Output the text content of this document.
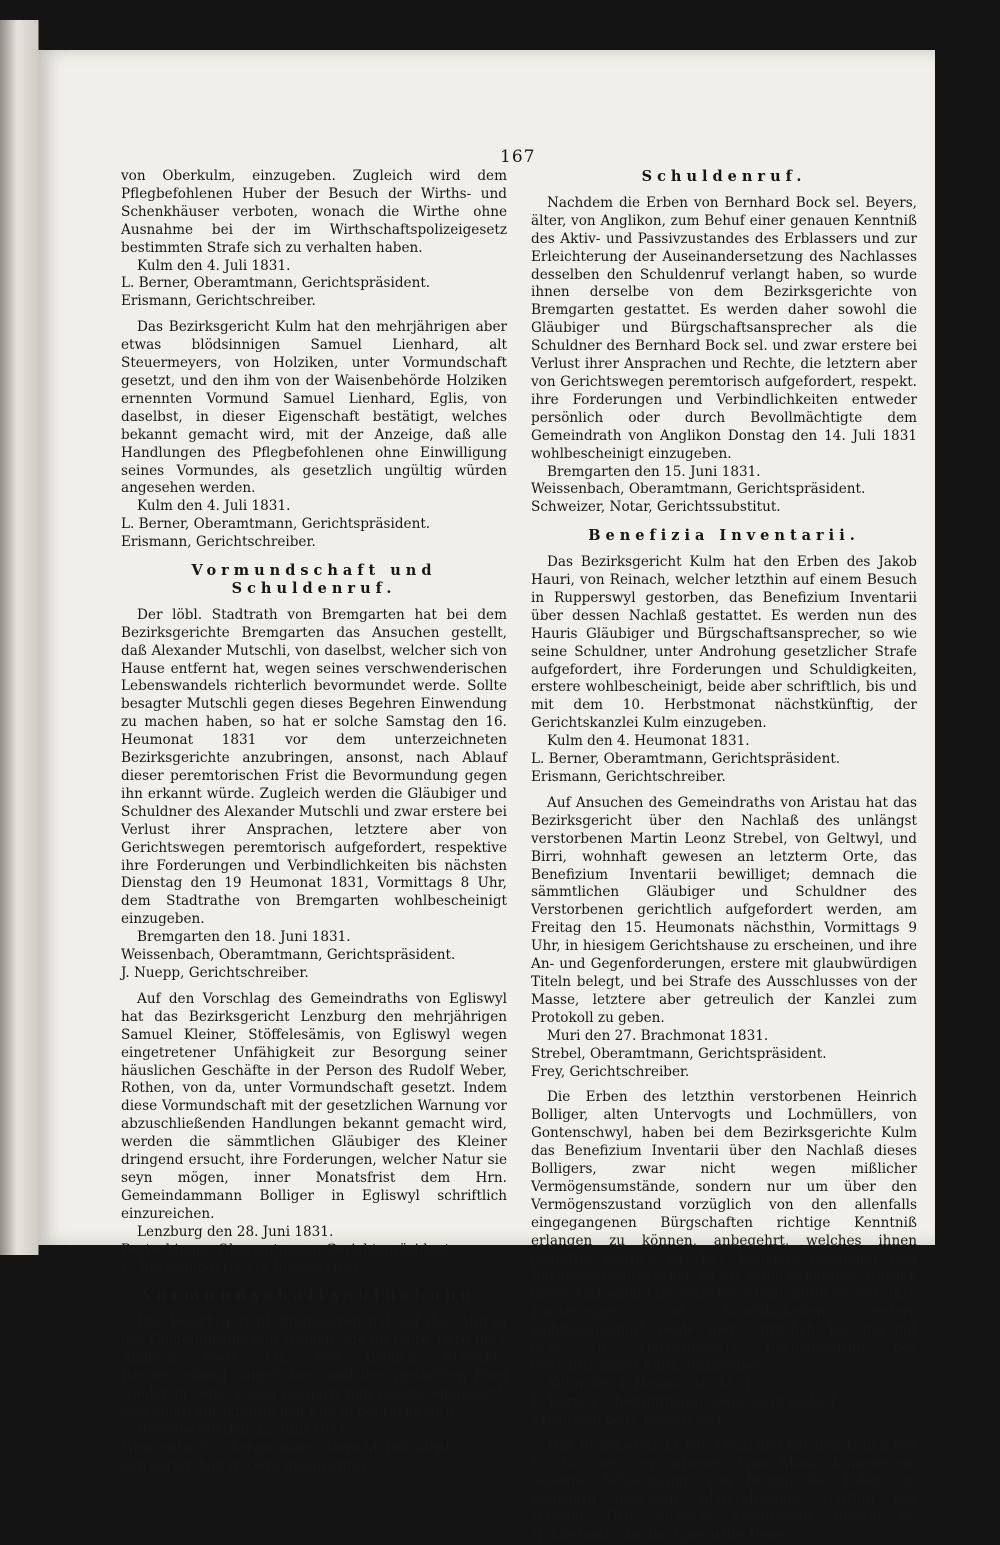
167

von Oberkulm, einzugeben. Zugleich wird dem Pflegbefohlenen Huber der Besuch der Wirths- und Schenkhäuser verboten, wonach die Wirthe ohne Ausnahme bei der im Wirthschaftspolizeigesetz bestimmten Strafe sich zu verhalten haben.

Kulm den 4. Juli 1831.

L. Berner, Oberamtmann, Gerichtspräsident.

Erismann, Gerichtschreiber.

Das Bezirksgericht Kulm hat den mehrjährigen aber etwas blödsinnigen Samuel Lienhard, alt Steuermeyers, von Holziken, unter Vormundschaft gesetzt, und den ihm von der Waisenbehörde Holziken ernennten Vormund Samuel Lienhard, Eglis, von daselbst, in dieser Eigenschaft bestätigt, welches bekannt gemacht wird, mit der Anzeige, daß alle Handlungen des Pflegbefohlenen ohne Einwilligung seines Vormundes, als gesetzlich ungültig würden angesehen werden.

Kulm den 4. Juli 1831.

L. Berner, Oberamtmann, Gerichtspräsident.

Erismann, Gerichtschreiber.

Vormundschaft und Schuldenruf.

Der löbl. Stadtrath von Bremgarten hat bei dem Bezirksgerichte Bremgarten das Ansuchen gestellt, daß Alexander Mutschli, von daselbst, welcher sich von Hause entfernt hat, wegen seines verschwenderischen Lebenswandels richterlich bevormundet werde. Sollte besagter Mutschli gegen dieses Begehren Einwendung zu machen haben, so hat er solche Samstag den 16. Heumonat 1831 vor dem unterzeichneten Bezirksgerichte anzubringen, ansonst, nach Ablauf dieser peremtorischen Frist die Bevormundung gegen ihn erkannt würde. Zugleich werden die Gläubiger und Schuldner des Alexander Mutschli und zwar erstere bei Verlust ihrer Ansprachen, letztere aber von Gerichtswegen peremtorisch aufgefordert, respektive ihre Forderungen und Verbindlichkeiten bis nächsten Dienstag den 19 Heumonat 1831, Vormittags 8 Uhr, dem Stadtrathe von Bremgarten wohlbescheinigt einzugeben.

Bremgarten den 18. Juni 1831.

Weissenbach, Oberamtmann, Gerichtspräsident.

J. Nuepp, Gerichtschreiber.

Auf den Vorschlag des Gemeindraths von Egliswyl hat das Bezirksgericht Lenzburg den mehrjährigen Samuel Kleiner, Stöffelesämis, von Egliswyl wegen eingetretener Unfähigkeit zur Besorgung seiner häuslichen Geschäfte in der Person des Rudolf Weber, Rothen, von da, unter Vormundschaft gesetzt. Indem diese Vormundschaft mit der gesetzlichen Warnung vor abzuschließenden Handlungen bekannt gemacht wird, werden die sämmtlichen Gläubiger des Kleiner dringend ersucht, ihre Forderungen, welcher Natur sie seyn mögen, inner Monatsfrist dem Hrn. Gemeindammann Bolliger in Egliswyl schriftlich einzureichen.

Lenzburg den 28. Juni 1831.

Bertschinger, Oberamtmann, Gerichtspräsident.

C. Bertschinger, Gerichtsschreiber.

Vormundschaftsaufhebung.

Das Bezirksgericht Bremgarten hat auf den Antrag des Gemeindraths von Wohlen, die im Jahre 1816 über Andreas Flori, Fik, von Wohlen, erkennte Bevormundung aufgehoben, und den gedachten Flori wieder in seine vollen bürgerlichen Rechte eingesetzt, was anmit zur öffentlichen Kunde gebracht wird.

Bremgarten den 22. Juni 1831.

Weissenbach, Oberamtmann, Gerichtspräsident.

Schweizer, Notar, Gerichtssubstitut.

Schuldenruf.

Nachdem die Erben von Bernhard Bock sel. Beyers, älter, von Anglikon, zum Behuf einer genauen Kenntniß des Aktiv- und Passivzustandes des Erblassers und zur Erleichterung der Auseinandersetzung des Nachlasses desselben den Schuldenruf verlangt haben, so wurde ihnen derselbe von dem Bezirksgerichte von Bremgarten gestattet. Es werden daher sowohl die Gläubiger und Bürgschaftsansprecher als die Schuldner des Bernhard Bock sel. und zwar erstere bei Verlust ihrer Ansprachen und Rechte, die letztern aber von Gerichtswegen peremtorisch aufgefordert, respekt. ihre Forderungen und Verbindlichkeiten entweder persönlich oder durch Bevollmächtigte dem Gemeindrath von Anglikon Donstag den 14. Juli 1831 wohlbescheinigt einzugeben.

Bremgarten den 15. Juni 1831.

Weissenbach, Oberamtmann, Gerichtspräsident.

Schweizer, Notar, Gerichtssubstitut.

Benefizia Inventarii.

Das Bezirksgericht Kulm hat den Erben des Jakob Hauri, von Reinach, welcher letzthin auf einem Besuch in Rupperswyl gestorben, das Benefizium Inventarii über dessen Nachlaß gestattet. Es werden nun des Hauris Gläubiger und Bürgschaftsansprecher, so wie seine Schuldner, unter Androhung gesetzlicher Strafe aufgefordert, ihre Forderungen und Schuldigkeiten, erstere wohlbescheinigt, beide aber schriftlich, bis und mit dem 10. Herbstmonat nächstkünftig, der Gerichtskanzlei Kulm einzugeben.

Kulm den 4. Heumonat 1831.

L. Berner, Oberamtmann, Gerichtspräsident.

Erismann, Gerichtschreiber.

Auf Ansuchen des Gemeindraths von Aristau hat das Bezirksgericht über den Nachlaß des unlängst verstorbenen Martin Leonz Strebel, von Geltwyl, und Birri, wohnhaft gewesen an letzterm Orte, das Benefizium Inventarii bewilliget; demnach die sämmtlichen Gläubiger und Schuldner des Verstorbenen gerichtlich aufgefordert werden, am Freitag den 15. Heumonats nächsthin, Vormittags 9 Uhr, in hiesigem Gerichtshause zu erscheinen, und ihre An- und Gegenforderungen, erstere mit glaubwürdigen Titeln belegt, und bei Strafe des Ausschlusses von der Masse, letztere aber getreulich der Kanzlei zum Protokoll zu geben.

Muri den 27. Brachmonat 1831.

Strebel, Oberamtmann, Gerichtspräsident.

Frey, Gerichtschreiber.

Die Erben des letzthin verstorbenen Heinrich Bolliger, alten Untervogts und Lochmüllers, von Gontenschwyl, haben bei dem Bezirksgerichte Kulm das Benefizium Inventarii über den Nachlaß dieses Bolligers, zwar nicht wegen mißlicher Vermögensumstände, sondern nur um über den Vermögenszustand vorzüglich von den allenfalls eingegangenen Bürgschaften richtige Kenntniß erlangen zu können, anbegehrt, welches ihnen gestattet worden ist. Des Bolligers Gläubiger und Bürgschaftsansprecher, so wie seine Schuldner, werden unter Androhung gesetzlicher Strafe aufgefordert, ihre Forderungen und Schuldigkeiten, erstere wohlbescheinigt, beide aber schriftlich, bis und mit dem 10. Herbstmonats nächstkünftig, der Gerichtskanzlei Kulm einzugeben.

Kulm den 4. Heumonats 1831.

L. Berner, Oberamtmann, Gerichtspräsident.

Erismann, Gerichtschreiber.

Das Bezirksgericht von Lenzburg hat den Erben der kürzlich sel. verstorbenen Frau Maria Kaisereisen, geborne Schatzmann, von Brugg, bei Leben zu Lenzburg gesessen, abgeschiedene Gattinn des WEwdg. Hrn. Albrecht Kaisereisen, Pfarrer zu Holderbank, das nachgesuchte Bene-
